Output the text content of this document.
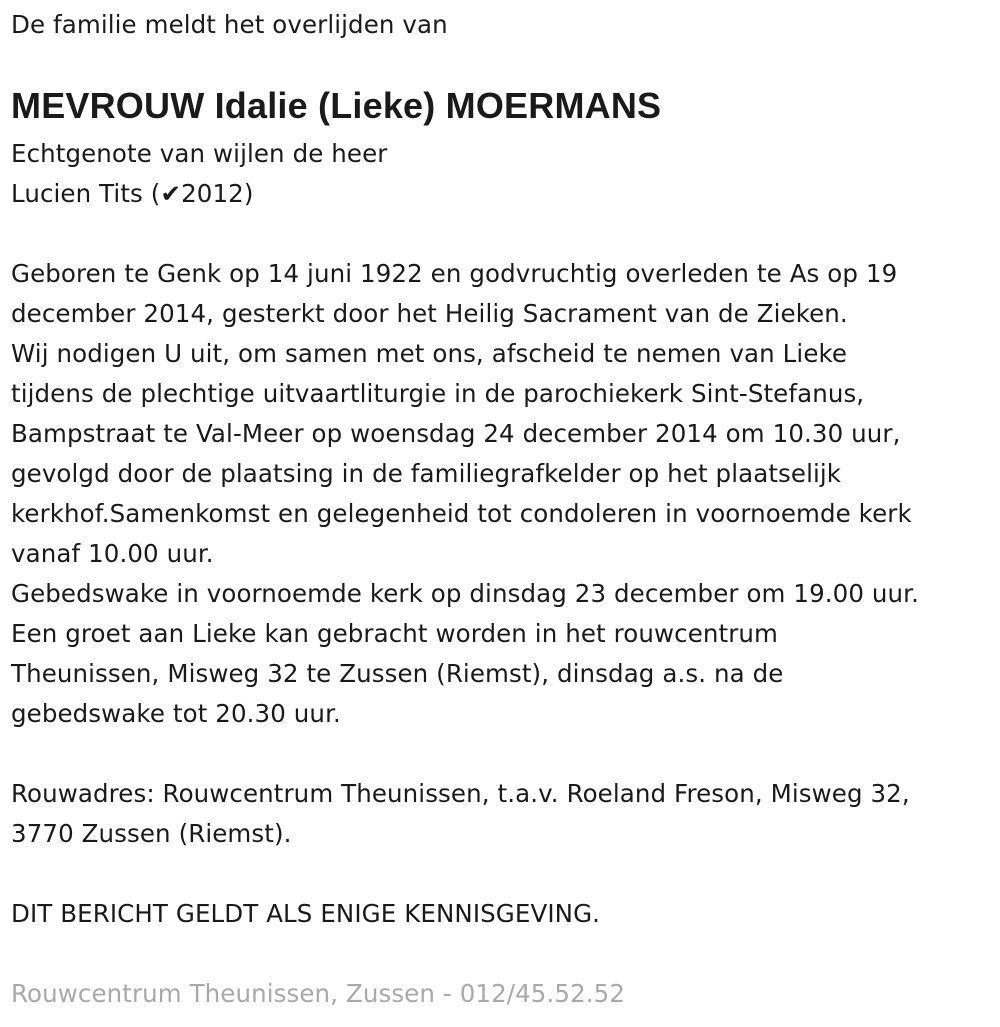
De familie meldt het overlijden van
MEVROUW Idalie (Lieke) MOERMANS
Echtgenote van wijlen de heer
Lucien Tits (✔2012)
Geboren te Genk op 14 juni 1922 en godvruchtig overleden te As op 19
december 2014, gesterkt door het Heilig Sacrament van de Zieken.
Wij nodigen U uit, om samen met ons, afscheid te nemen van Lieke
tijdens de plechtige uitvaartliturgie in de parochiekerk Sint-Stefanus,
Bampstraat te Val-Meer op woensdag 24 december 2014 om 10.30 uur,
gevolgd door de plaatsing in de familiegrafkelder op het plaatselijk
kerkhof.Samenkomst en gelegenheid tot condoleren in voornoemde kerk
vanaf 10.00 uur.
Gebedswake in voornoemde kerk op dinsdag 23 december om 19.00 uur.
Een groet aan Lieke kan gebracht worden in het rouwcentrum
Theunissen, Misweg 32 te Zussen (Riemst), dinsdag a.s. na de
gebedswake tot 20.30 uur.
Rouwadres: Rouwcentrum Theunissen, t.a.v. Roeland Freson, Misweg 32,
3770 Zussen (Riemst).
DIT BERICHT GELDT ALS ENIGE KENNISGEVING.
Rouwcentrum Theunissen, Zussen - 012/45.52.52
